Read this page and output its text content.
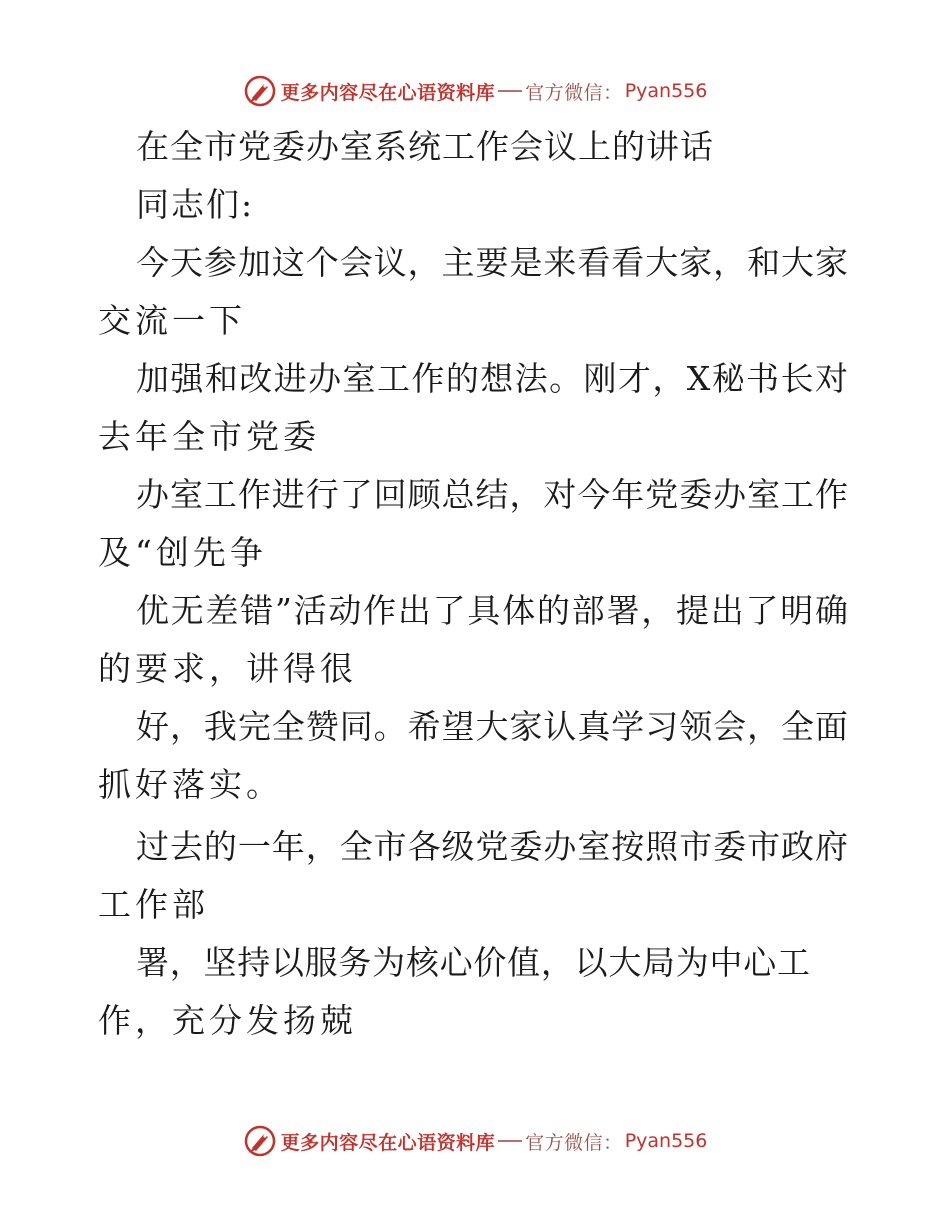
更多内容尽在心语资料库 官方微信： Pyan556
在全市党委办室系统工作会议上的讲话
同志们:
今天参加这个会议，主要是来看看大家，和大家
交流一下
加强和改进办室工作的想法。刚才，X秘书长对
去年全市党委
办室工作进行了回顾总结，对今年党委办室工作
及“创先争
优无差错”活动作出了具体的部署，提出了明确
的要求，讲得很
好，我完全赞同。希望大家认真学习领会，全面
抓好落实。
过去的一年，全市各级党委办室按照市委市政府
工作部
署，坚持以服务为核心价值，以大局为中心工
作，充分发扬兢
更多内容尽在心语资料库 官方微信： Pyan556
